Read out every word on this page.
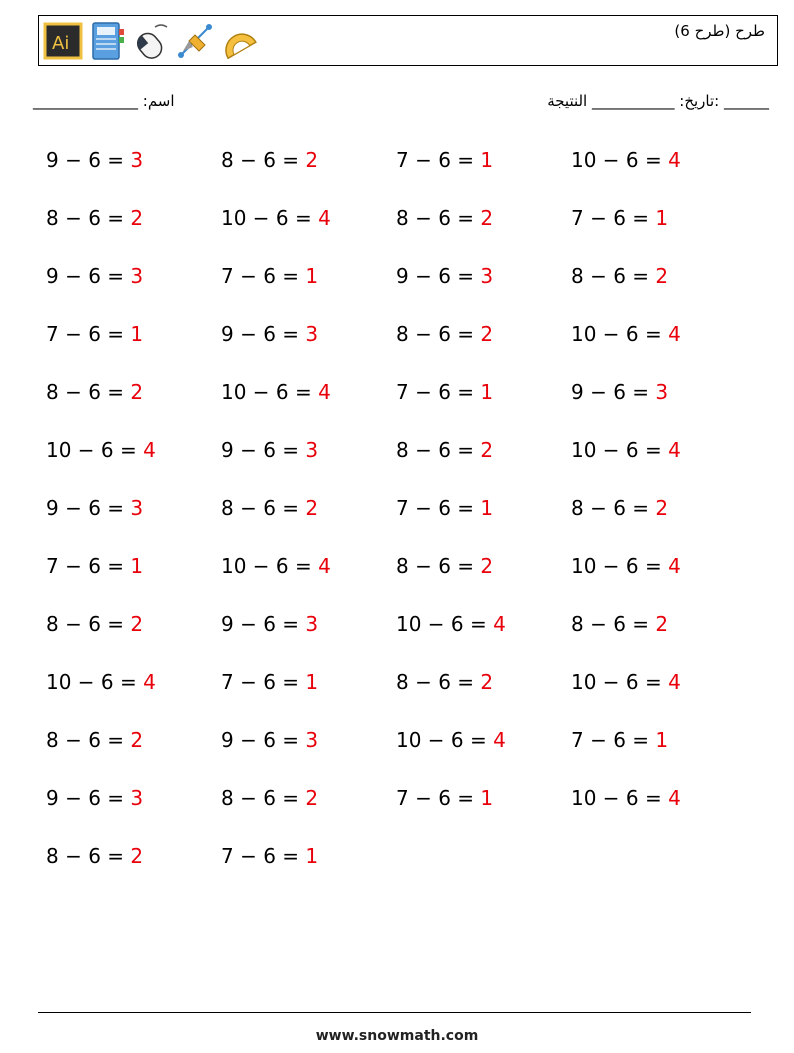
Ai
طرح (طرح 6)
______ :تاريخ: ___________ النتيجة
اسم: ______________
9 − 6 = 3	8 − 6 = 2	7 − 6 = 1	10 − 6 = 4
8 − 6 = 2	10 − 6 = 4	8 − 6 = 2	7 − 6 = 1
9 − 6 = 3	7 − 6 = 1	9 − 6 = 3	8 − 6 = 2
7 − 6 = 1	9 − 6 = 3	8 − 6 = 2	10 − 6 = 4
8 − 6 = 2	10 − 6 = 4	7 − 6 = 1	9 − 6 = 3
10 − 6 = 4	9 − 6 = 3	8 − 6 = 2	10 − 6 = 4
9 − 6 = 3	8 − 6 = 2	7 − 6 = 1	8 − 6 = 2
7 − 6 = 1	10 − 6 = 4	8 − 6 = 2	10 − 6 = 4
8 − 6 = 2	9 − 6 = 3	10 − 6 = 4	8 − 6 = 2
10 − 6 = 4	7 − 6 = 1	8 − 6 = 2	10 − 6 = 4
8 − 6 = 2	9 − 6 = 3	10 − 6 = 4	7 − 6 = 1
9 − 6 = 3	8 − 6 = 2	7 − 6 = 1	10 − 6 = 4
8 − 6 = 2	7 − 6 = 1
www.snowmath.com
